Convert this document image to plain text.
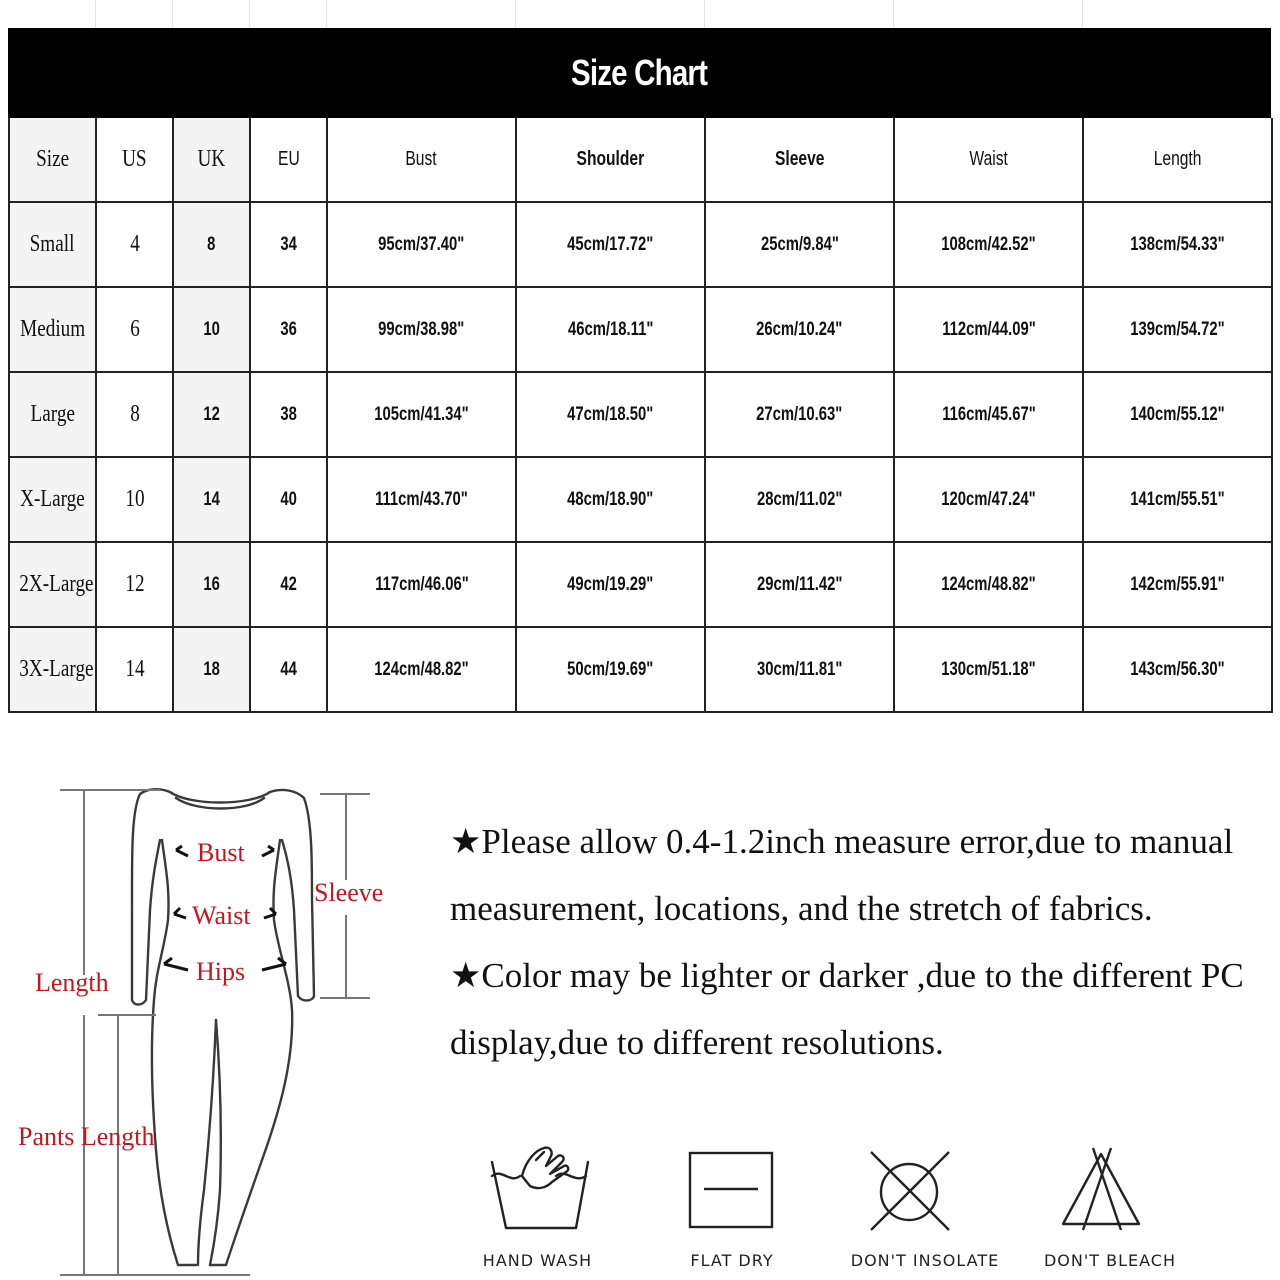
Size Chart
Size	US	UK	EU	Bust	Shoulder	Sleeve	Waist	Length
Small	4	8	34	95cm/37.40"	45cm/17.72"	25cm/9.84"	108cm/42.52"	138cm/54.33"
Medium	6	10	36	99cm/38.98"	46cm/18.11"	26cm/10.24"	112cm/44.09"	139cm/54.72"
Large	8	12	38	105cm/41.34"	47cm/18.50"	27cm/10.63"	116cm/45.67"	140cm/55.12"
X-Large	10	14	40	111cm/43.70"	48cm/18.90"	28cm/11.02"	120cm/47.24"	141cm/55.51"
2X-Large	12	16	42	117cm/46.06"	49cm/19.29"	29cm/11.42"	124cm/48.82"	142cm/55.91"
3X-Large	14	18	44	124cm/48.82"	50cm/19.69"	30cm/11.81"	130cm/51.18"	143cm/56.30"
Bust
Waist
Hips
Sleeve
Length
Pants Length

★Please allow 0.4-1.2inch measure error,due to manual measurement, locations, and the stretch of fabrics.

★Color may be lighter or darker ,due to the different PC display,due to different resolutions.

HAND WASH	FLAT DRY	DON'T INSOLATE	DON'T BLEACH
